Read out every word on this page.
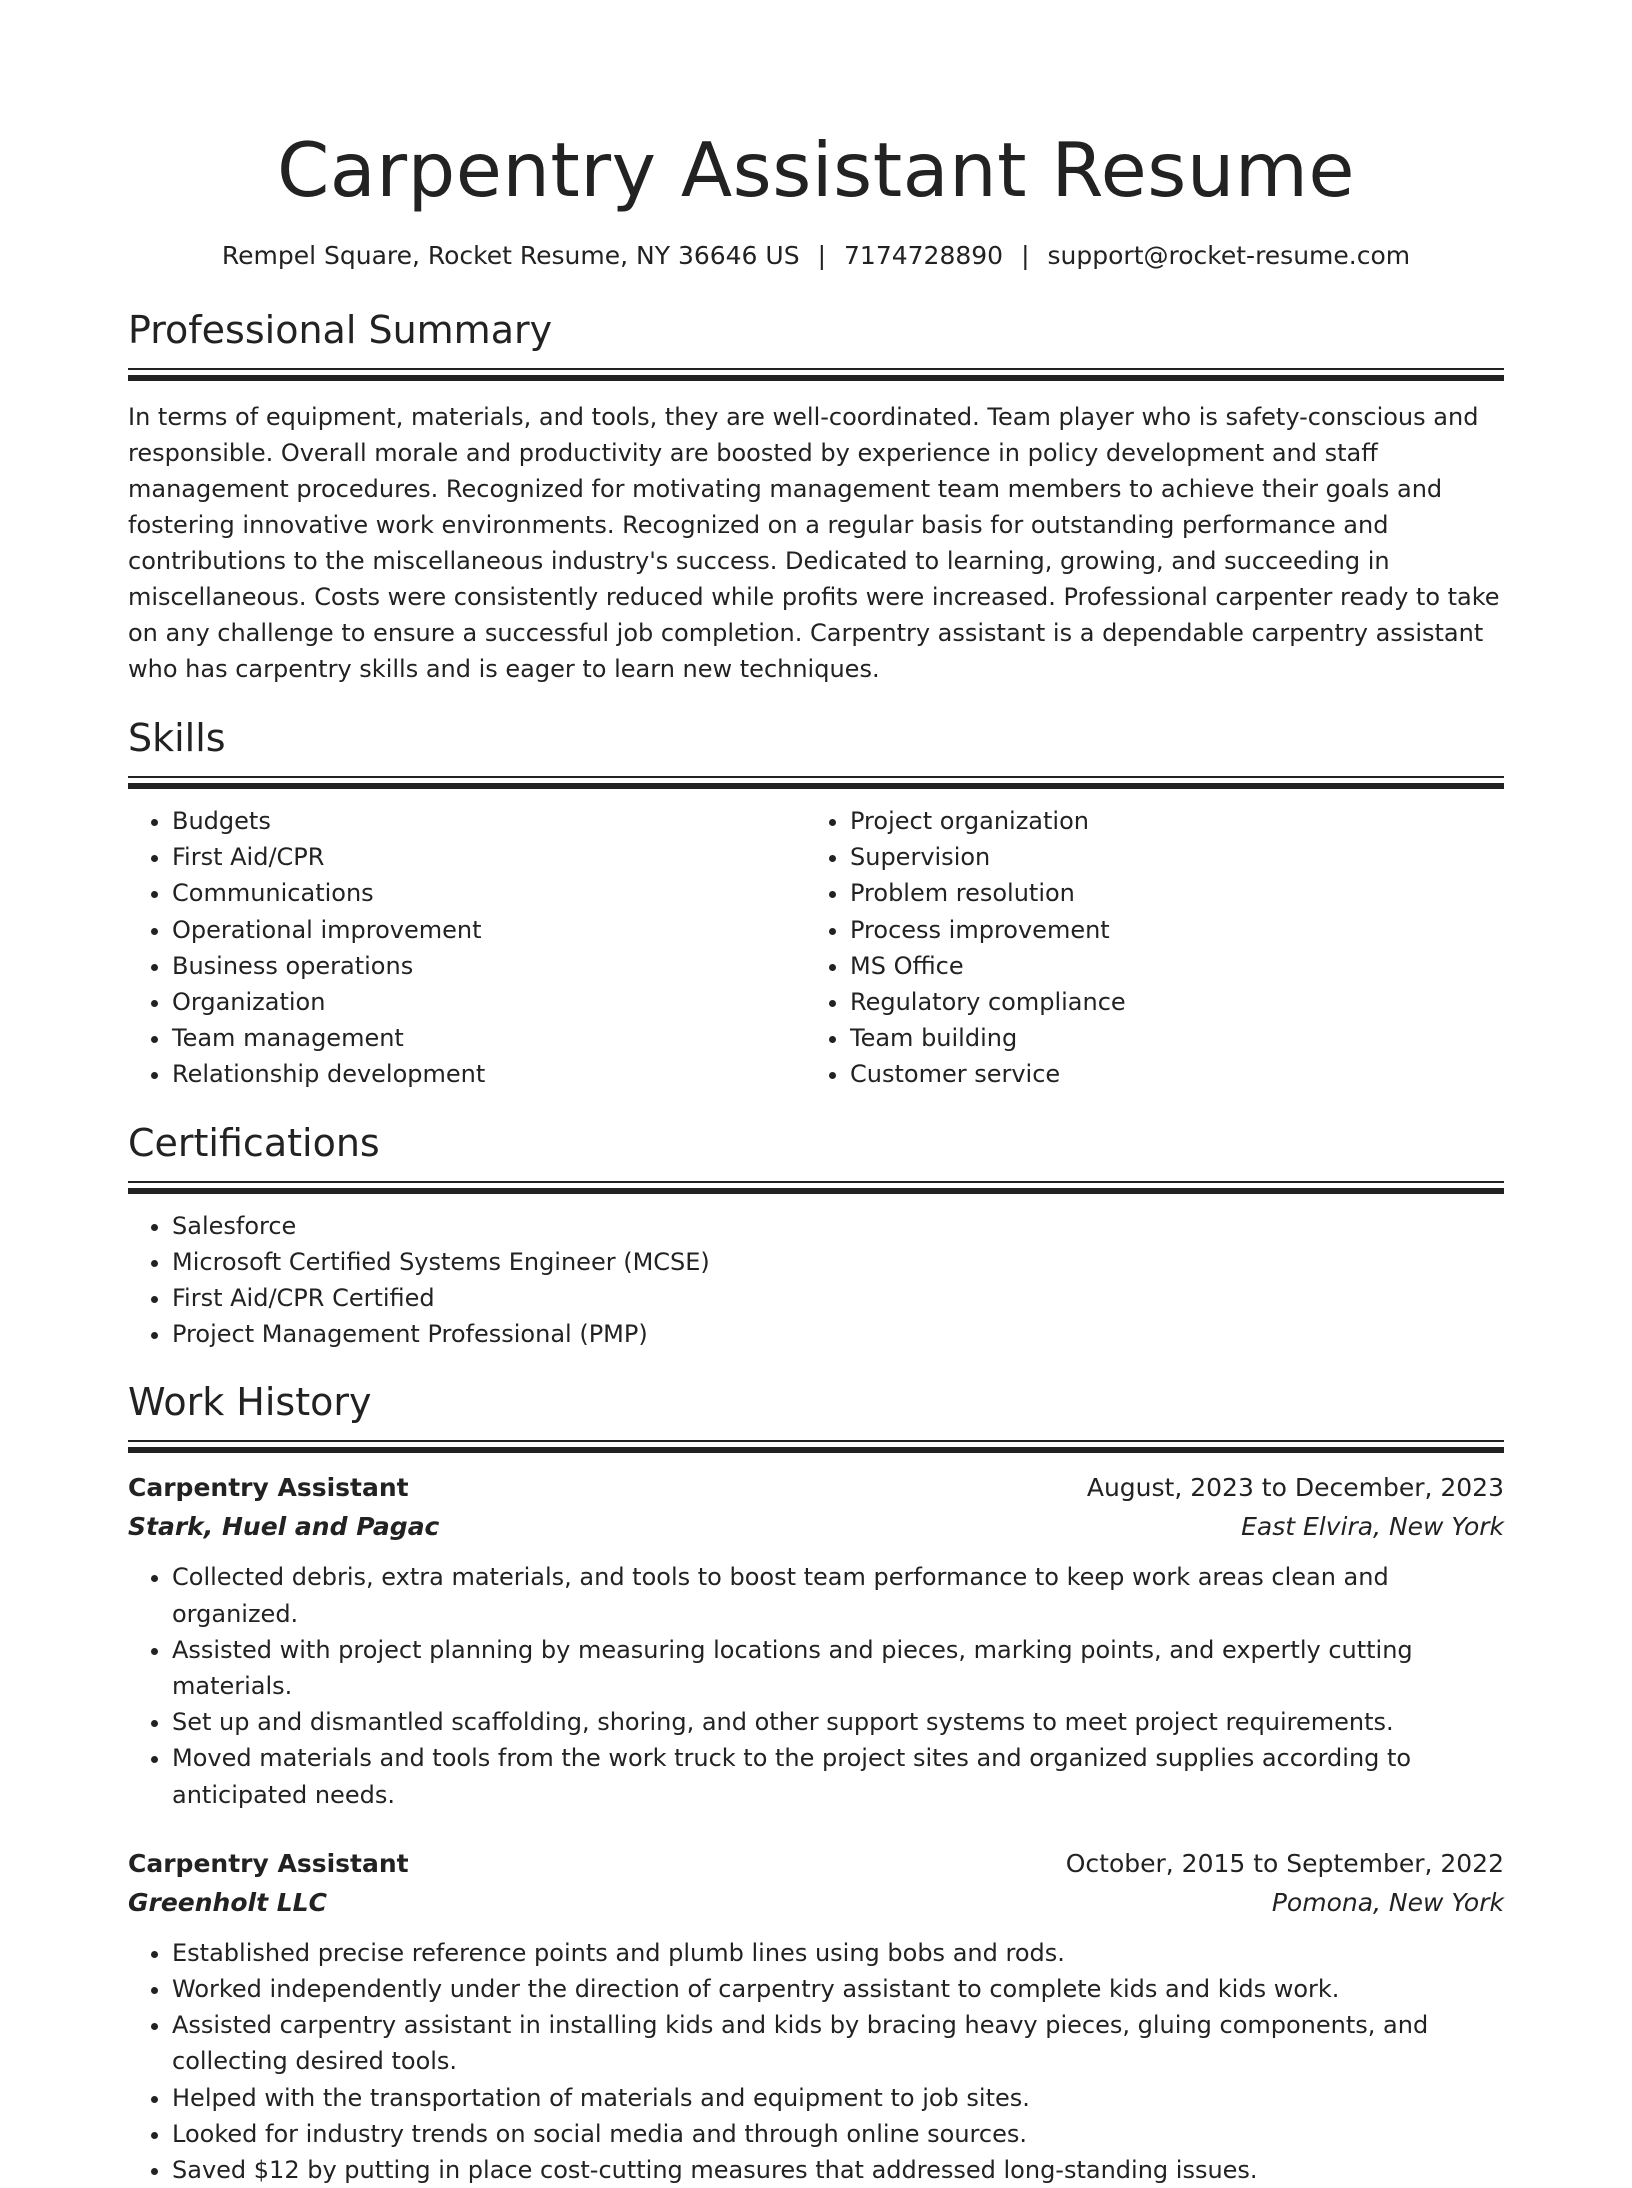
Carpentry Assistant Resume
Rempel Square, Rocket Resume, NY 36646 US | 7174728890 | support@rocket-resume.com
Professional Summary

In terms of equipment, materials, and tools, they are well-coordinated. Team player who is safety-conscious and responsible. Overall morale and productivity are boosted by experience in policy development and staff management procedures. Recognized for motivating management team members to achieve their goals and fostering innovative work environments. Recognized on a regular basis for outstanding performance and contributions to the miscellaneous industry's success. Dedicated to learning, growing, and succeeding in miscellaneous. Costs were consistently reduced while profits were increased. Professional carpenter ready to take on any challenge to ensure a successful job completion. Carpentry assistant is a dependable carpentry assistant who has carpentry skills and is eager to learn new techniques.

Skills
• Budgets
• First Aid/CPR
• Communications
• Operational improvement
• Business operations
• Organization
• Team management
• Relationship development
• Project organization
• Supervision
• Problem resolution
• Process improvement
• MS Office
• Regulatory compliance
• Team building
• Customer service
Certifications
• Salesforce
• Microsoft Certified Systems Engineer (MCSE)
• First Aid/CPR Certified
• Project Management Professional (PMP)
Work History
Carpentry Assistant	August, 2023 to December, 2023
Stark, Huel and Pagac	East Elvira, New York
• Collected debris, extra materials, and tools to boost team performance to keep work areas clean and organized.
• Assisted with project planning by measuring locations and pieces, marking points, and expertly cutting materials.
• Set up and dismantled scaffolding, shoring, and other support systems to meet project requirements.
• Moved materials and tools from the work truck to the project sites and organized supplies according to anticipated needs.
Carpentry Assistant	October, 2015 to September, 2022
Greenholt LLC	Pomona, New York
• Established precise reference points and plumb lines using bobs and rods.
• Worked independently under the direction of carpentry assistant to complete kids and kids work.
• Assisted carpentry assistant in installing kids and kids by bracing heavy pieces, gluing components, and collecting desired tools.
• Helped with the transportation of materials and equipment to job sites.
• Looked for industry trends on social media and through online sources.
• Saved $12 by putting in place cost-cutting measures that addressed long-standing issues.
